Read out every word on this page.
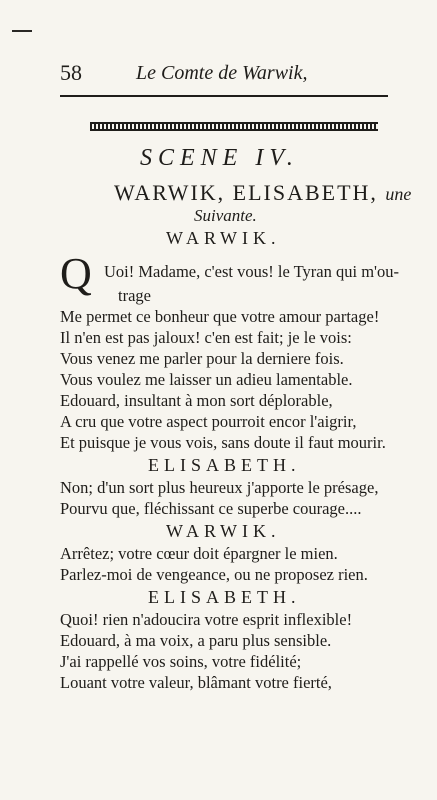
58	Le Comte de Warwik,
SCENE IV.
WARWIK, ELISABETH, une
Suivante.
WARWIK.
Q Uoi! Madame, c'est vous! le Tyran qui m'ou-
trage
Me permet ce bonheur que votre amour partage!
Il n'en est pas jaloux! c'en est fait; je le vois:
Vous venez me parler pour la derniere fois.
Vous voulez me laisser un adieu lamentable.
Edouard, insultant à mon sort déplorable,
A cru que votre aspect pourroit encor l'aigrir,
Et puisque je vous vois, sans doute il faut mourir.
ELISABETH.
Non; d'un sort plus heureux j'apporte le présage,
Pourvu que, fléchissant ce superbe courage....
WARWIK.
Arrêtez; votre cœur doit épargner le mien.
Parlez-moi de vengeance, ou ne proposez rien.
ELISABETH.
Quoi! rien n'adoucira votre esprit inflexible!
Edouard, à ma voix, a paru plus sensible.
J'ai rappellé vos soins, votre fidélité;
Louant votre valeur, blâmant votre fierté,
